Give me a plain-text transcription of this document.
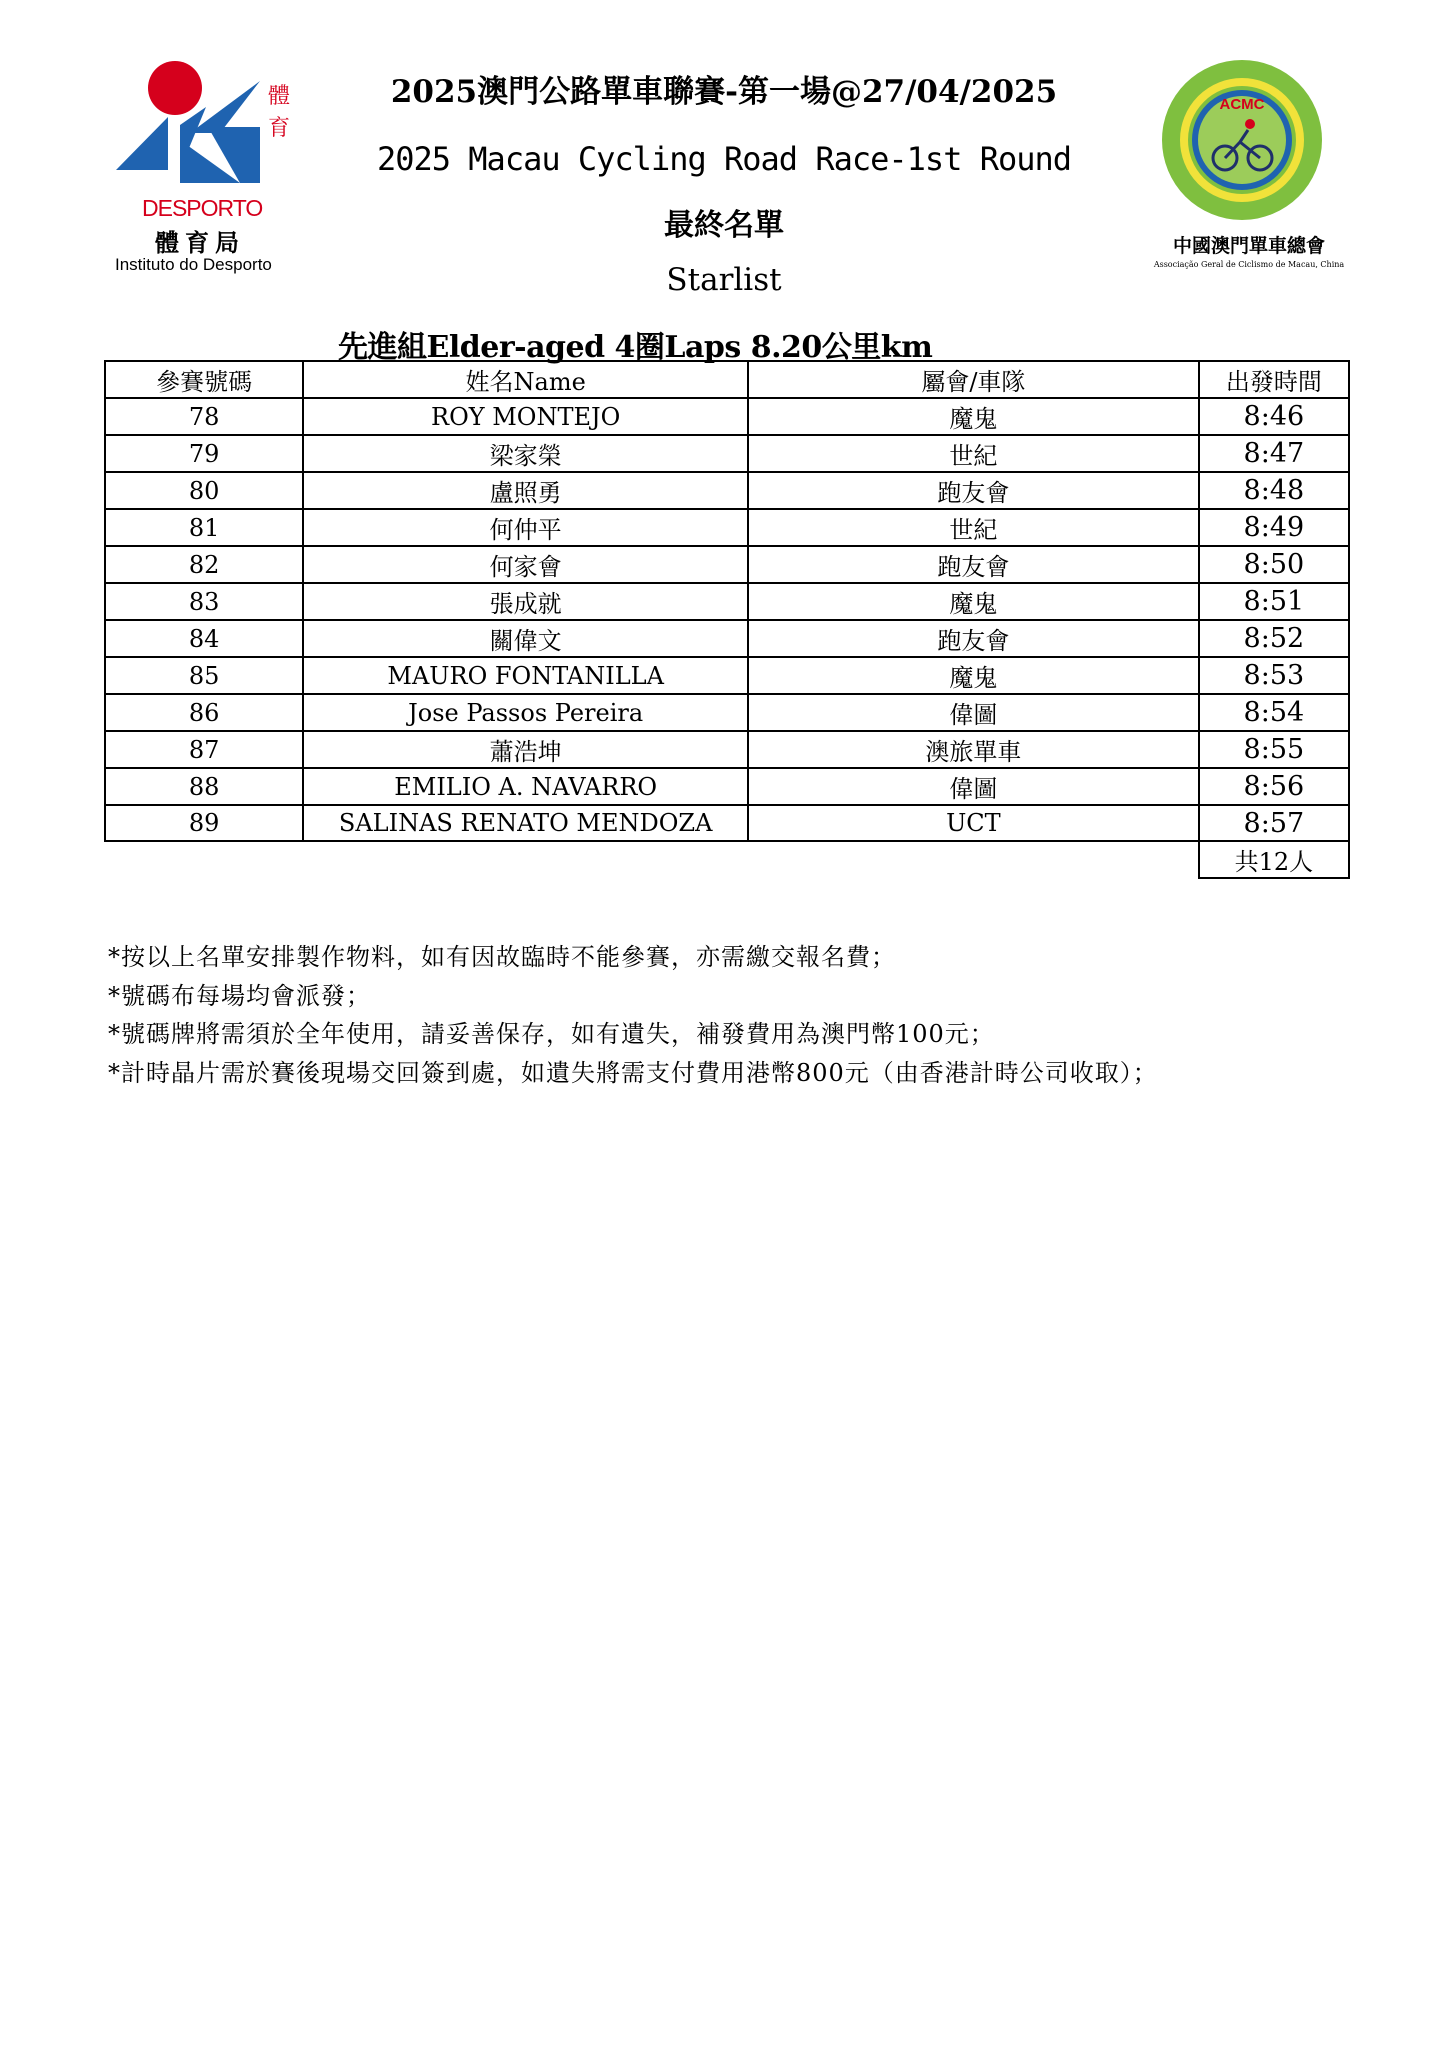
體
育
DESPORTO
體育局
Instituto do Desporto
2025澳門公路單車聯賽-第一場@27/04/2025
2025 Macau Cycling Road Race-1st Round
最終名單
Starlist
先進組Elder-aged 4圈Laps 8.20公里km
ACMC
中國澳門單車總會
Associação Geral de Ciclismo de Macau, China
參賽號碼	姓名Name	屬會/車隊	出發時間
78	ROY MONTEJO	魔鬼	8:46
79	梁家榮	世紀	8:47
80	盧照勇	跑友會	8:48
81	何仲平	世紀	8:49
82	何家會	跑友會	8:50
83	張成就	魔鬼	8:51
84	關偉文	跑友會	8:52
85	MAURO FONTANILLA	魔鬼	8:53
86	Jose Passos Pereira	偉圖	8:54
87	蕭浩坤	澳旅單車	8:55
88	EMILIO A. NAVARRO	偉圖	8:56
89	SALINAS RENATO MENDOZA	UCT	8:57
			共12人
*按以上名單安排製作物料，如有因故臨時不能參賽，亦需繳交報名費；
*號碼布每場均會派發；
*號碼牌將需須於全年使用，請妥善保存，如有遺失，補發費用為澳門幣100元；
*計時晶片需於賽後現場交回簽到處，如遺失將需支付費用港幣800元（由香港計時公司收取）；
